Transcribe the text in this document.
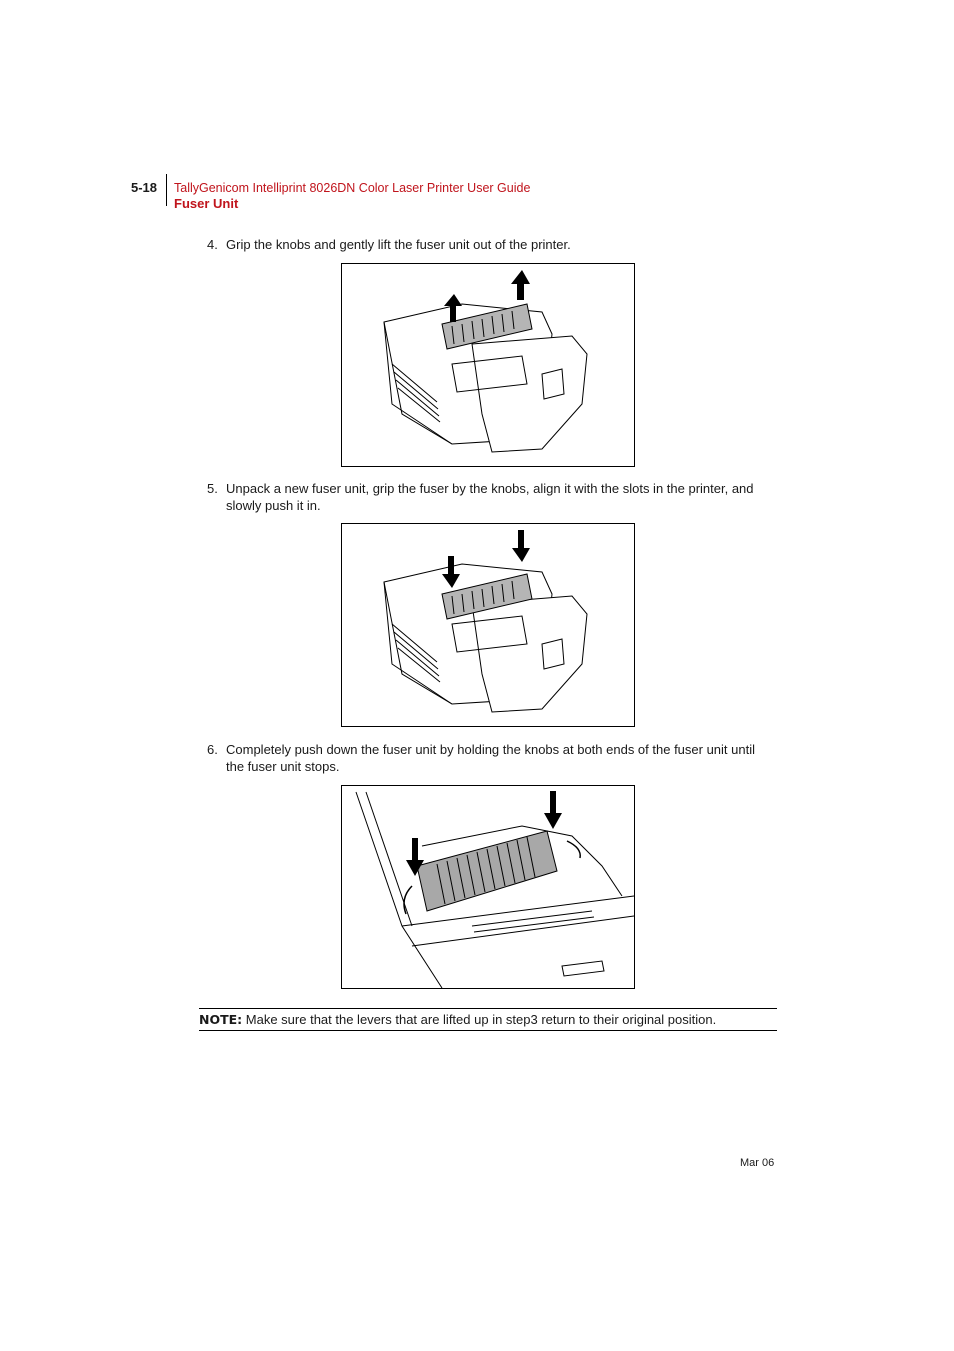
5-18 TallyGenicom Intelliprint 8026DN Color Laser Printer User Guide
Fuser Unit
4. Grip the knobs and gently lift the fuser unit out of the printer.
5. Unpack a new fuser unit, grip the fuser by the knobs, align it with the slots in the printer, and slowly push it in.
6. Completely push down the fuser unit by holding the knobs at both ends of the fuser unit until the fuser unit stops.
NOTE: Make sure that the levers that are lifted up in step3 return to their original position.
Mar 06
